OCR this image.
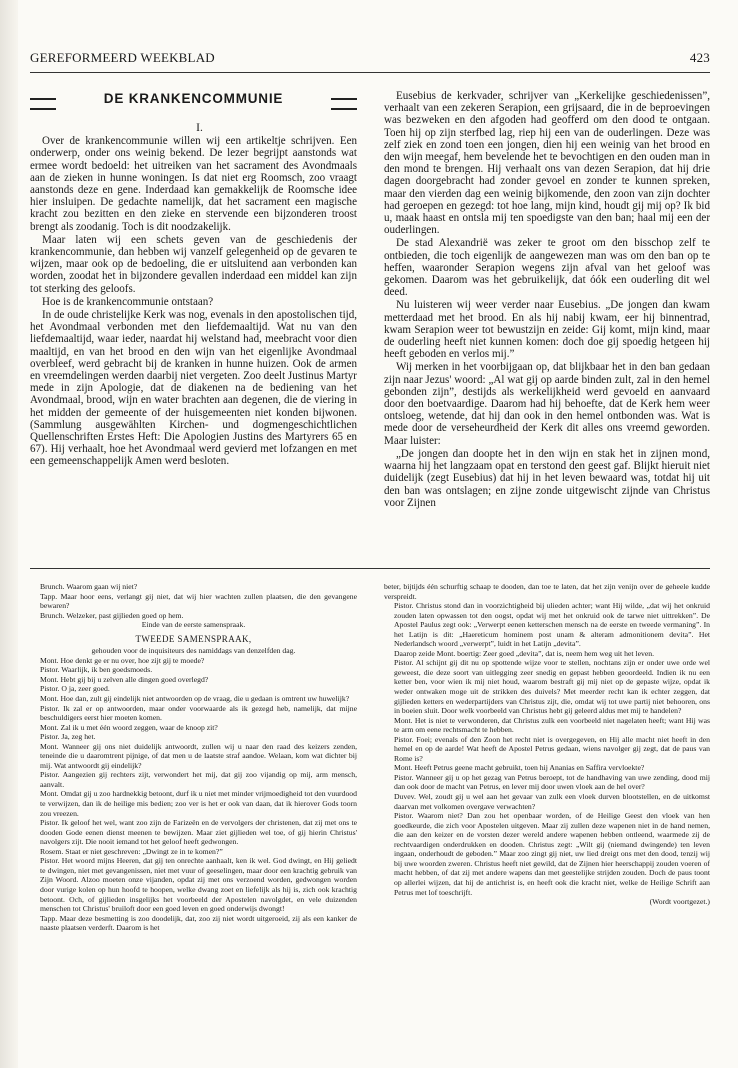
GEREFORMEERD WEEKBLAD	423
DE KRANKENCOMMUNIE

I.

Over de krankencommunie willen wij een artikeltje schrijven. Een onderwerp, onder ons weinig bekend. De lezer begrijpt aanstonds wat ermee wordt bedoeld: het uitreiken van het sacrament des Avondmaals aan de zieken in hunne woningen. Is dat niet erg Roomsch, zoo vraagt aanstonds deze en gene. Inderdaad kan gemakkelijk de Roomsche idee hier insluipen. De gedachte namelijk, dat het sacrament een magische kracht zou bezitten en den zieke en stervende een bijzonderen troost brengt als zoodanig. Toch is dit noodzakelijk.

Maar laten wij een schets geven van de geschiedenis der krankencommunie, dan hebben wij vanzelf gelegenheid op de gevaren te wijzen, maar ook op de bedoeling, die er uitsluitend aan verbonden kan worden, zoodat het in bijzondere gevallen inderdaad een middel kan zijn tot sterking des geloofs.

Hoe is de krankencommunie ontstaan?

In de oude christelijke Kerk was nog, evenals in den apostolischen tijd, het Avondmaal verbonden met den liefdemaaltijd. Wat nu van den liefdemaaltijd, waar ieder, naardat hij welstand had, meebracht voor dien maaltijd, en van het brood en den wijn van het eigenlijke Avondmaal overbleef, werd gebracht bij de kranken in hunne huizen. Ook de armen en vreemdelingen werden daarbij niet vergeten. Zoo deelt Justinus Martyr mede in zijn Apologie, dat de diakenen na de bediening van het Avondmaal, brood, wijn en water brachten aan degenen, die de viering in het midden der gemeente of der huisgemeenten niet konden bijwonen. (Sammlung ausgewählten Kirchen- und dogmengeschichtlichen Quellenschriften Erstes Heft: Die Apologien Justins des Martyrers 65 en 67). Hij verhaalt, hoe het Avondmaal werd gevierd met lofzangen en met een gemeenschappelijk Amen werd besloten.

Eusebius de kerkvader, schrijver van „Kerkelijke geschiedenissen”, verhaalt van een zekeren Serapion, een grijsaard, die in de beproevingen was bezweken en den afgoden had geofferd om den dood te ontgaan. Toen hij op zijn sterfbed lag, riep hij een van de ouderlingen. Deze was zelf ziek en zond toen een jongen, dien hij een weinig van het brood en den wijn meegaf, hem bevelende het te bevochtigen en den ouden man in den mond te brengen. Hij verhaalt ons van dezen Serapion, dat hij drie dagen doorgebracht had zonder gevoel en zonder te kunnen spreken, maar den vierden dag een weinig bijkomende, den zoon van zijn dochter had geroepen en gezegd: tot hoe lang, mijn kind, houdt gij mij op? Ik bid u, maak haast en ontsla mij ten spoedigste van den ban; haal mij een der ouderlingen.

De stad Alexandrië was zeker te groot om den bisschop zelf te ontbieden, die toch eigenlijk de aangewezen man was om den ban op te heffen, waaronder Serapion wegens zijn afval van het geloof was gekomen. Daarom was het gebruikelijk, dat óók een ouderling dit wel deed.

Nu luisteren wij weer verder naar Eusebius. „De jongen dan kwam metterdaad met het brood. En als hij nabij kwam, eer hij binnentrad, kwam Serapion weer tot bewustzijn en zeide: Gij komt, mijn kind, maar de ouderling heeft niet kunnen komen: doch doe gij spoedig hetgeen hij heeft geboden en verlos mij.”

Wij merken in het voorbijgaan op, dat blijkbaar het in den ban gedaan zijn naar Jezus' woord: „Al wat gij op aarde binden zult, zal in den hemel gebonden zijn”, destijds als werkelijkheid werd gevoeld en aanvaard door den boetvaardige. Daarom had hij behoefte, dat de Kerk hem weer ontsloeg, wetende, dat hij dan ook in den hemel ontbonden was. Wat is mede door de verseheurdheid der Kerk dit alles ons vreemd geworden. Maar luister:

„De jongen dan doopte het in den wijn en stak het in zijnen mond, waarna hij het langzaam opat en terstond den geest gaf. Blijkt hieruit niet duidelijk (zegt Eusebius) dat hij in het leven bewaard was, totdat hij uit den ban was ontslagen; en zijne zonde uitgewischt zijnde van Christus voor Zijnen

Brunch. Waarom gaan wij niet?

Tapp. Maar hoor eens, verlangt gij niet, dat wij hier wachten zullen plaatsen, die den gevangene bewaren?

Brunch. Welzeker, past gijlieden goed op hem.

Einde van de eerste samenspraak.

TWEEDE SAMENSPRAAK,

gehouden voor de inquisiteurs des namiddags van denzelfden dag.

Mont. Hoe denkt ge er nu over, hoe zijt gij te moede?

Pistor. Waarlijk, ik ben goedsmoeds.

Mont. Hebt gij bij u zelven alle dingen goed overlegd?

Pistor. O ja, zeer goed.

Mont. Hoe dan, zult gij eindelijk niet antwoorden op de vraag, die u gedaan is omtrent uw huwelijk?

Pistor. Ik zal er op antwoorden, maar onder voorwaarde als ik gezegd heb, namelijk, dat mijne beschuldigers eerst hier moeten komen.

Mont. Zal ik u met één woord zeggen, waar de knoop zit?

Pistor. Ja, zeg het.

Mont. Wanneer gij ons niet duidelijk antwoordt, zullen wij u naar den raad des keizers zenden, teneinde die u daaromtrent pijnige, of dat men u de laatste straf aandoe. Welaan, kom wat dichter bij mij. Wat antwoordt gij eindelijk?

Pistor. Aangezien gij rechters zijt, verwondert het mij, dat gij zoo vijandig op mij, arm mensch, aanvalt.

Mont. Omdat gij u zoo hardnekkig betoont, durf ik u niet met minder vrijmoedigheid tot den vuurdood te verwijzen, dan ik de heilige mis bedien; zoo ver is het er ook van daan, dat ik hierover Gods toorn zou vreezen.

Pistor. Ik geloof het wel, want zoo zijn de Farizeën en de vervolgers der christenen, dat zij met ons te dooden Gode eenen dienst meenen te bewijzen. Maar ziet gijlieden wel toe, of gij hierin Christus' navolgers zijt. Die nooit iemand tot het geloof heeft gedwongen.

Rosem. Staat er niet geschreven: „Dwingt ze in te komen?”

Pistor. Het woord mijns Heeren, dat gij ten onrechte aanhaalt, ken ik wel. God dwingt, en Hij geliedt te dwingen, niet met gevangenissen, niet met vuur of geeselingen, maar door een krachtig gebruik van Zijn Woord. Alzoo moeten onze vijanden, opdat zij met ons verzoend worden, gedwongen worden door vurige kolen op hun hoofd te hoopen, welke dwang zoet en liefelijk als hij is, zich ook krachtig betoont. Och, of gijlieden insgelijks het voorbeeld der Apostelen navolgdet, en vele duizenden menschen tot Christus' bruiloft door een goed leven en goed onderwijs dwongt!

Tapp. Maar deze besmetting is zoo doodelijk, dat, zoo zij niet wordt uitgeroeid, zij als een kanker de naaste plaatsen verderft. Daarom is het

beter, bijtijds één schurftig schaap te dooden, dan toe te laten, dat het zijn venijn over de geheele kudde verspreidt.

Pistor. Christus stond dan in voorzichtigheid bij ulieden achter; want Hij wilde, „dat wij het onkruid zouden laten opwassen tot den oogst, opdat wij met het onkruid ook de tarwe niet uittrekken”. De Apostel Paulus zegt ook: „Verwerpt eenen ketterschen mensch na de eerste en tweede vermaning”. In het Latijn is dit: „Haereticum hominem post unam & alteram admonitionem devita”. Het Nederlandsch woord „verwerpt”, luidt in het Latijn „devita”.

Daarop zeide Mont. boertig: Zeer goed „devita”, dat is, neem hem weg uit het leven.

Pistor. Al schijnt gij dit nu op spottende wijze voor te stellen, nochtans zijn er onder uwe orde wel geweest, die deze soort van uitlegging zeer snedig en gepast hebben geoordeeld. Indien ik nu een ketter ben, voor wien ik mij niet houd, waarom bestraft gij mij niet op de gepaste wijze, opdat ik weder ontwaken moge uit de strikken des duivels? Met meerder recht kan ik echter zeggen, dat gijlieden ketters en wederpartijders van Christus zijt, die, omdat wij tot uwe partij niet behooren, ons in boeien sluit. Door welk voorbeeld van Christus hebt gij geleerd aldus met mij te handelen?

Mont. Het is niet te verwonderen, dat Christus zulk een voorbeeld niet nagelaten heeft; want Hij was te arm om eene rechtsmacht te hebben.

Pistor. Foei; evenals of den Zoon het recht niet is overgegeven, en Hij alle macht niet heeft in den hemel en op de aarde! Wat heeft de Apostel Petrus gedaan, wiens navolger gij zegt, dat de paus van Rome is?

Mont. Heeft Petrus geene macht gebruikt, toen hij Ananias en Saffira vervloekte?

Pistor. Wanneer gij u op het gezag van Petrus beroept, tot de handhaving van uwe zending, dood mij dan ook door de macht van Petrus, en lever mij door uwen vloek aan de hel over?

Duvev. Wel, zoudt gij u wel aan het gevaar van zulk een vloek durven blootstellen, en de uitkomst daarvan met volkomen overgave verwachten?

Pistor. Waarom niet? Dan zou het openbaar worden, of de Heilige Geest den vloek van hen goedkeurde, die zich voor Apostelen uitgeven. Maar zij zullen deze wapenen niet in de hand nemen, die aan den keizer en de vorsten dezer wereld andere wapenen hebben ontleend, waarmede zij de rechtvaardigen onderdrukken en dooden. Christus zegt: „Wilt gij (niemand dwingende) ten leven ingaan, onderhoudt de geboden.” Maar zoo zingt gij niet, uw lied dreigt ons met den dood, tenzij wij bij uwe woorden zweren. Christus heeft niet gewild, dat de Zijnen hier heerschappij zouden voeren of macht hebben, of dat zij met andere wapens dan met geestelijke strijden zouden. Doch de paus toont op allerlei wijzen, dat hij de antichrist is, en heeft ook die kracht niet, welke de Heilige Schrift aan Petrus met lof toeschrijft.

(Wordt voortgezet.)
